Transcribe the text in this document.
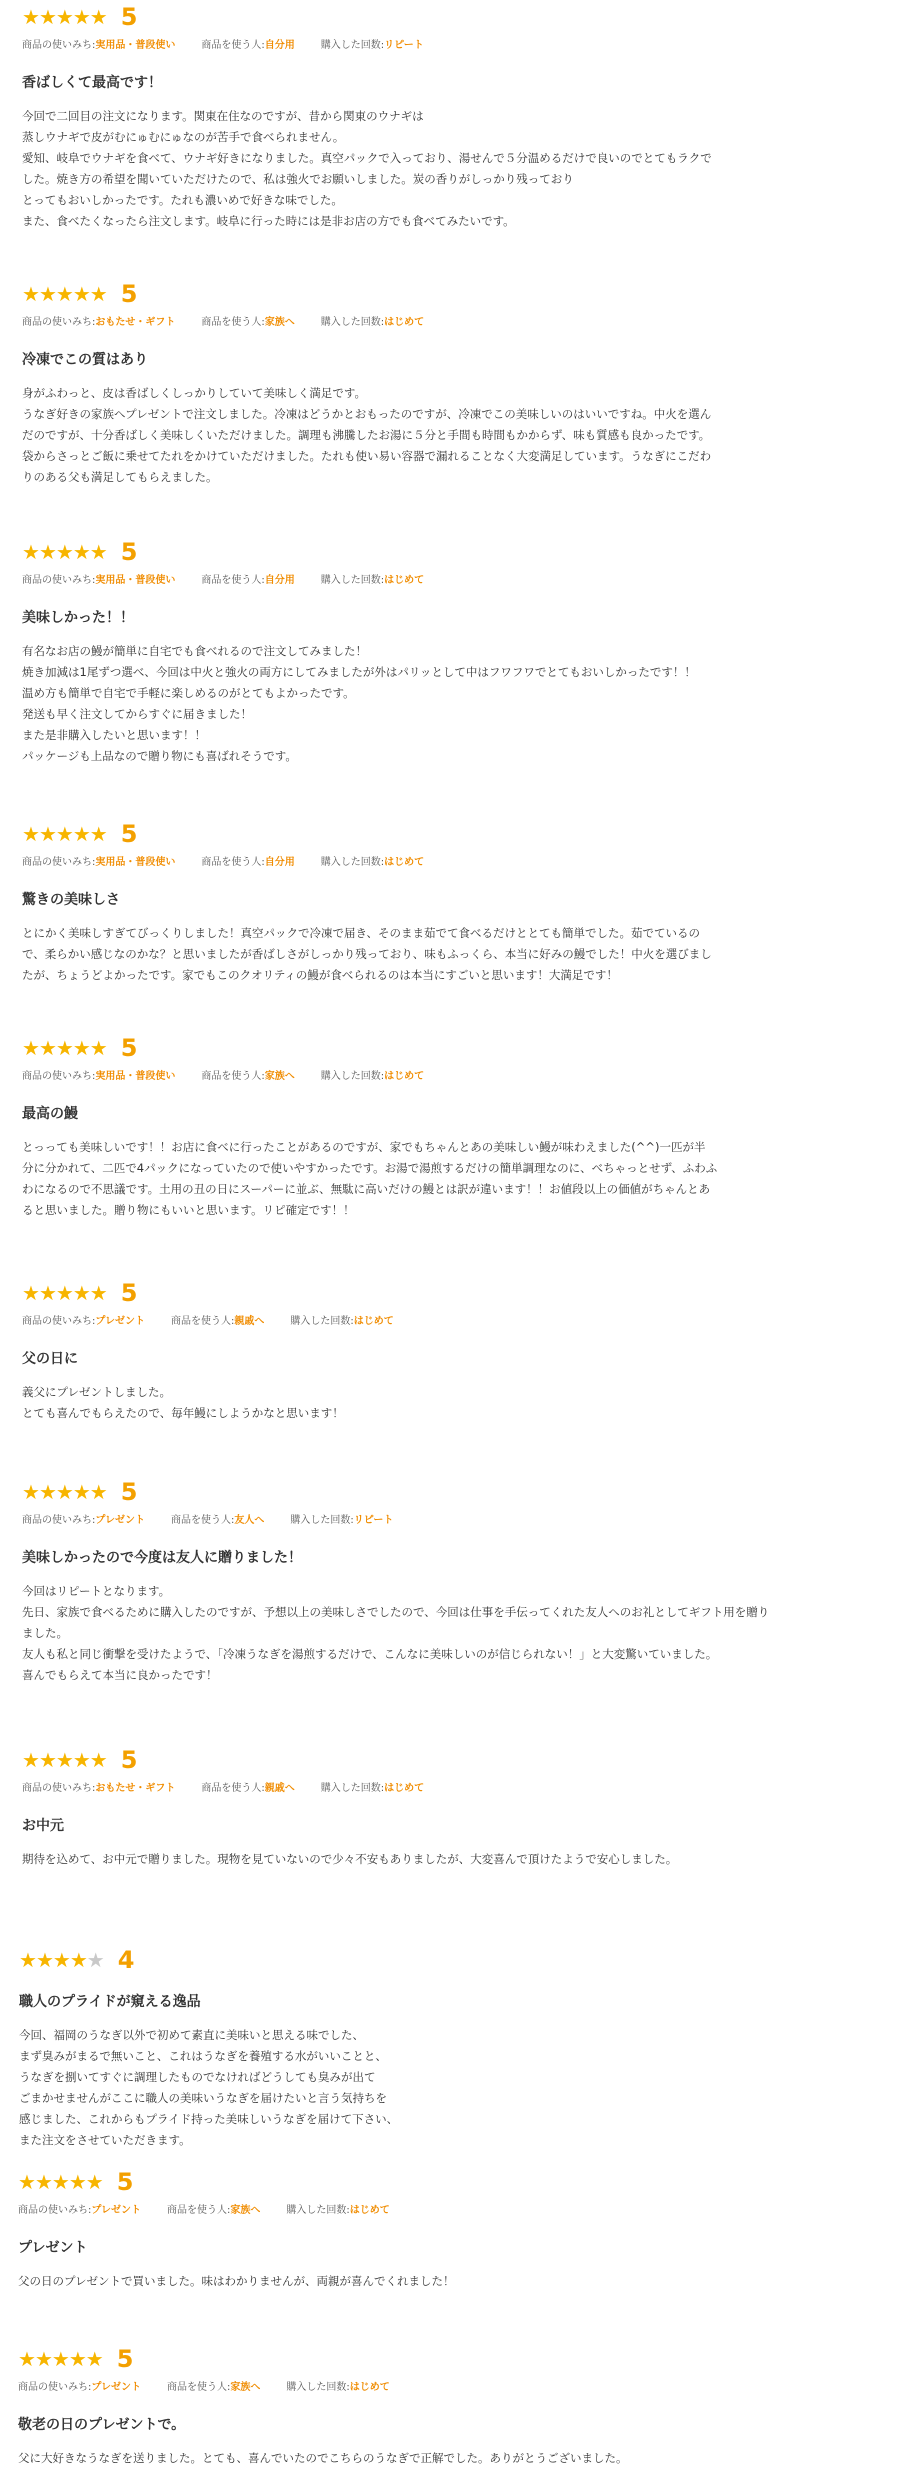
★★★★★ 5
商品の使いみち:実用品・普段使い	商品を使う人:自分用	購入した回数:リピート
香ばしくて最高です！
今回で二回目の注文になります。関東在住なのですが、昔から関東のウナギは
蒸しウナギで皮がむにゅむにゅなのが苦手で食べられません。
愛知、岐阜でウナギを食べて、ウナギ好きになりました。真空パックで入っており、湯せんで５分温めるだけで良いのでとてもラクで
した。焼き方の希望を聞いていただけたので、私は強火でお願いしました。炭の香りがしっかり残っており
とってもおいしかったです。たれも濃いめで好きな味でした。
また、食べたくなったら注文します。岐阜に行った時には是非お店の方でも食べてみたいです。
★★★★★ 5
商品の使いみち:おもたせ・ギフト	商品を使う人:家族へ	購入した回数:はじめて
冷凍でこの質はあり
身がふわっと、皮は香ばしくしっかりしていて美味しく満足です。
うなぎ好きの家族へプレゼントで注文しました。冷凍はどうかとおもったのですが、冷凍でこの美味しいのはいいですね。中火を選ん
だのですが、十分香ばしく美味しくいただけました。調理も沸騰したお湯に５分と手間も時間もかからず、味も質感も良かったです。
袋からさっとご飯に乗せてたれをかけていただけました。たれも使い易い容器で漏れることなく大変満足しています。うなぎにこだわ
りのある父も満足してもらえました。
★★★★★ 5
商品の使いみち:実用品・普段使い	商品を使う人:自分用	購入した回数:はじめて
美味しかった！！
有名なお店の鰻が簡単に自宅でも食べれるので注文してみました！
焼き加減は1尾ずつ選べ、今回は中火と強火の両方にしてみましたが外はパリッとして中はフワフワでとてもおいしかったです！！
温め方も簡単で自宅で手軽に楽しめるのがとてもよかったです。
発送も早く注文してからすぐに届きました！
また是非購入したいと思います！！
パッケージも上品なので贈り物にも喜ばれそうです。
★★★★★ 5
商品の使いみち:実用品・普段使い	商品を使う人:自分用	購入した回数:はじめて
驚きの美味しさ
とにかく美味しすぎてびっくりしました！真空パックで冷凍で届き、そのまま茹でて食べるだけととても簡単でした。茹でているの
で、柔らかい感じなのかな？と思いましたが香ばしさがしっかり残っており、味もふっくら、本当に好みの鰻でした！中火を選びまし
たが、ちょうどよかったです。家でもこのクオリティの鰻が食べられるのは本当にすごいと思います！大満足です！
★★★★★ 5
商品の使いみち:実用品・普段使い	商品を使う人:家族へ	購入した回数:はじめて
最高の鰻
とっっても美味しいです！！お店に食べに行ったことがあるのですが、家でもちゃんとあの美味しい鰻が味わえました(^^)一匹が半
分に分かれて、二匹で4パックになっていたので使いやすかったです。お湯で湯煎するだけの簡単調理なのに、べちゃっとせず、ふわふ
わになるので不思議です。土用の丑の日にスーパーに並ぶ、無駄に高いだけの鰻とは訳が違います！！お値段以上の価値がちゃんとあ
ると思いました。贈り物にもいいと思います。リピ確定です！！
★★★★★ 5
商品の使いみち:プレゼント	商品を使う人:親戚へ	購入した回数:はじめて
父の日に
義父にプレゼントしました。
とても喜んでもらえたので、毎年鰻にしようかなと思います！
★★★★★ 5
商品の使いみち:プレゼント	商品を使う人:友人へ	購入した回数:リピート
美味しかったので今度は友人に贈りました！
今回はリピートとなります。
先日、家族で食べるために購入したのですが、予想以上の美味しさでしたので、今回は仕事を手伝ってくれた友人へのお礼としてギフト用を贈り
ました。
友人も私と同じ衝撃を受けたようで、「冷凍うなぎを湯煎するだけで、こんなに美味しいのが信じられない！」と大変驚いていました。
喜んでもらえて本当に良かったです！
★★★★★ 5
商品の使いみち:おもたせ・ギフト	商品を使う人:親戚へ	購入した回数:はじめて
お中元
期待を込めて、お中元で贈りました。現物を見ていないので少々不安もありましたが、大変喜んで頂けたようで安心しました。
★★★★★ 4
職人のプライドが窺える逸品
今回、福岡のうなぎ以外で初めて素直に美味いと思える味でした、
まず臭みがまるで無いこと、これはうなぎを養殖する水がいいことと、
うなぎを捌いてすぐに調理したものでなければどうしても臭みが出て
ごまかせませんがここに職人の美味いうなぎを届けたいと言う気持ちを
感じました、これからもプライド持った美味しいうなぎを届けて下さい、
また注文をさせていただきます。
★★★★★ 5
商品の使いみち:プレゼント	商品を使う人:家族へ	購入した回数:はじめて
プレゼント
父の日のプレゼントで買いました。味はわかりませんが、両親が喜んでくれました！
★★★★★ 5
商品の使いみち:プレゼント	商品を使う人:家族へ	購入した回数:はじめて
敬老の日のプレゼントで。
父に大好きなうなぎを送りました。とても、喜んでいたのでこちらのうなぎで正解でした。ありがとうございました。
